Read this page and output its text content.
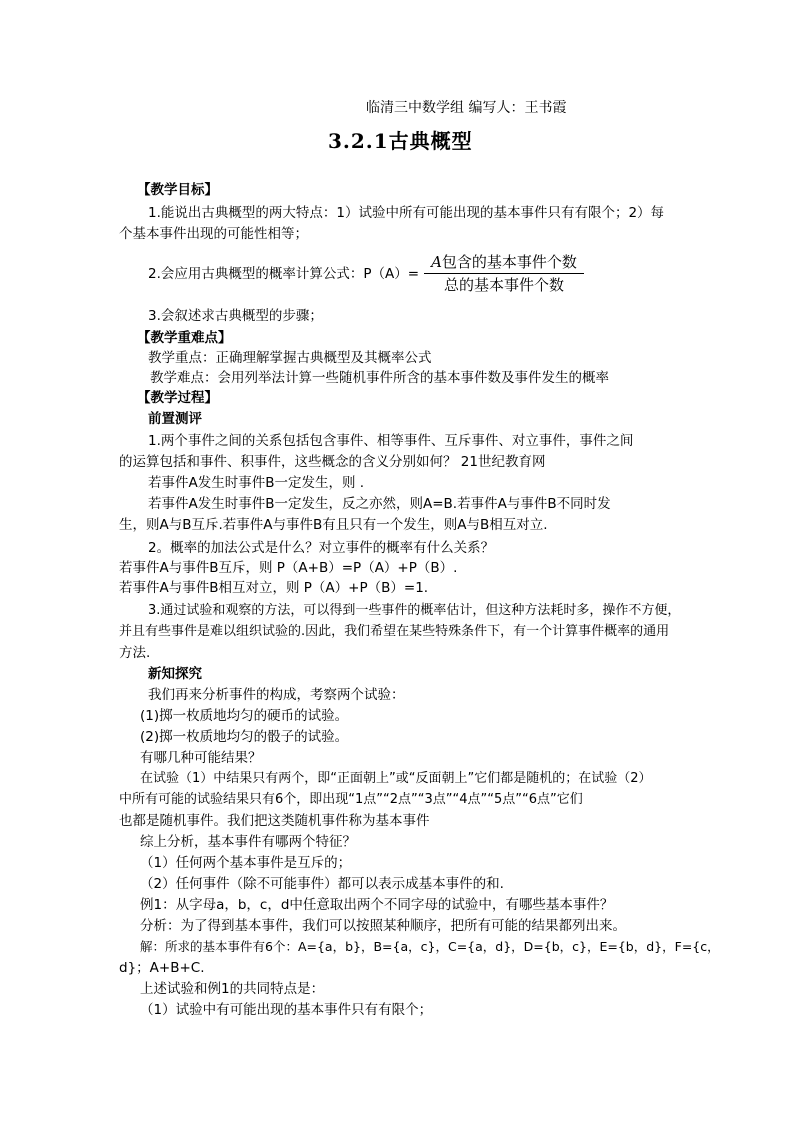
临清三中数学组 编写人：王书霞
3.2.1古典概型
【教学目标】
1.能说出古典概型的两大特点：1）试验中所有可能出现的基本事件只有有限个；2）每
个基本事件出现的可能性相等；
2.会应用古典概型的概率计算公式：P（A）=
A包含的基本事件个数
总的基本事件个数
3.会叙述求古典概型的步骤；
【教学重难点】
教学重点：正确理解掌握古典概型及其概率公式
教学难点：会用列举法计算一些随机事件所含的基本事件数及事件发生的概率
【教学过程】
前置测评
1.两个事件之间的关系包括包含事件、相等事件、互斥事件、对立事件，事件之间
的运算包括和事件、积事件，这些概念的含义分别如何？ 21世纪教育网
若事件A发生时事件B一定发生，则 .
若事件A发生时事件B一定发生，反之亦然，则A=B.若事件A与事件B不同时发
生，则A与B互斥.若事件A与事件B有且只有一个发生，则A与B相互对立.
2。概率的加法公式是什么？对立事件的概率有什么关系？
若事件A与事件B互斥，则 P（A+B）=P（A）+P（B）.
若事件A与事件B相互对立，则 P（A）+P（B）=1.
3.通过试验和观察的方法，可以得到一些事件的概率估计，但这种方法耗时多，操作不方便，
并且有些事件是难以组织试验的.因此，我们希望在某些特殊条件下，有一个计算事件概率的通用
方法.
新知探究
我们再来分析事件的构成，考察两个试验：
(1)掷一枚质地均匀的硬币的试验。
(2)掷一枚质地均匀的骰子的试验。
有哪几种可能结果？
在试验（1）中结果只有两个，即“正面朝上”或“反面朝上”它们都是随机的；在试验（2）
中所有可能的试验结果只有6个，即出现“1点”“2点”“3点”“4点”“5点”“6点”它们
也都是随机事件。我们把这类随机事件称为基本事件
综上分析，基本事件有哪两个特征？
（1）任何两个基本事件是互斥的；
（2）任何事件（除不可能事件）都可以表示成基本事件的和.
例1：从字母a，b，c，d中任意取出两个不同字母的试验中，有哪些基本事件？
分析：为了得到基本事件，我们可以按照某种顺序，把所有可能的结果都列出来。
解：所求的基本事件有6个：A={a，b}，B={a，c}，C={a，d}，D={b，c}，E={b，d}，F={c，
d}；A+B+C.
上述试验和例1的共同特点是：
（1）试验中有可能出现的基本事件只有有限个；
